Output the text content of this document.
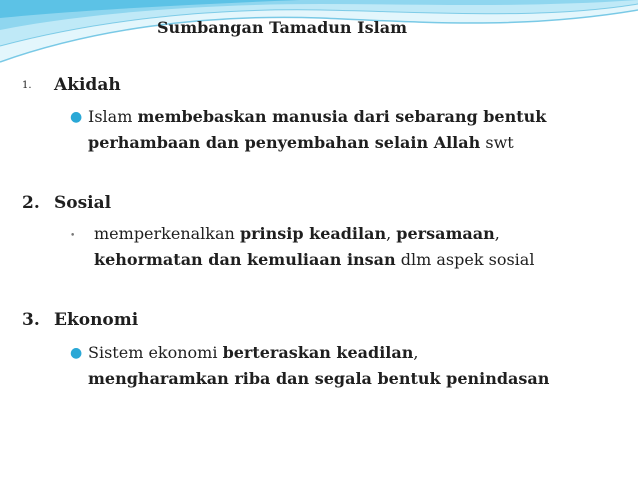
Sumbangan Tamadun Islam
1. Akidah
● Islam membebaskan manusia dari sebarang bentuk
perhambaan dan penyembahan selain Allah swt
2. Sosial
• memperkenalkan prinsip keadilan, persamaan,
kehormatan dan kemuliaan insan dlm aspek sosial
3. Ekonomi
● Sistem ekonomi berteraskan keadilan,
mengharamkan riba dan segala bentuk penindasan
